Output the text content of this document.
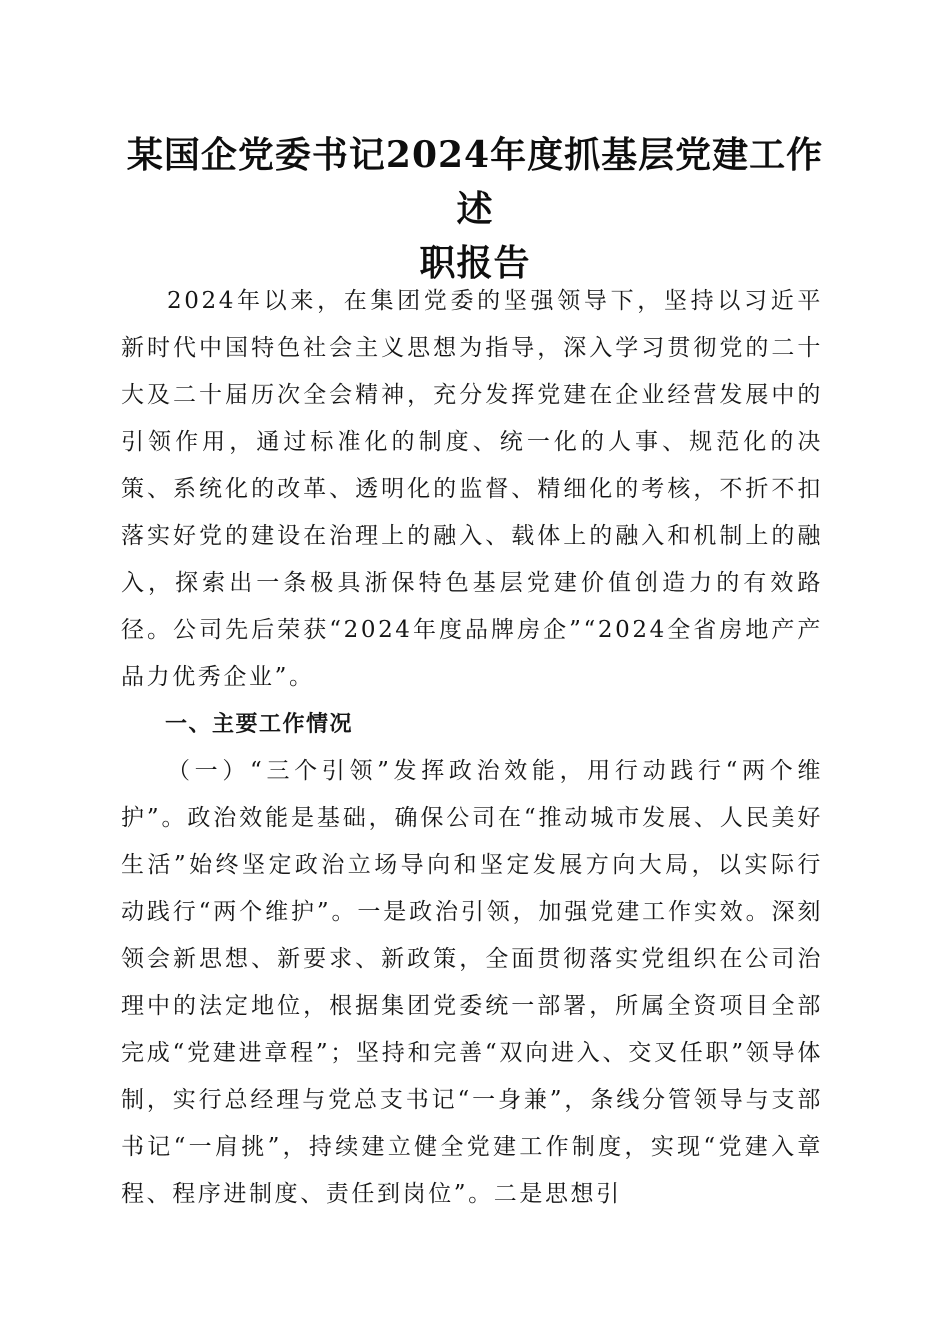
某国企党委书记2024年度抓基层党建工作述
职报告

2024年以来，在集团党委的坚强领导下，坚持以习近平新时代中国特色社会主义思想为指导，深入学习贯彻党的二十大及二十届历次全会精神，充分发挥党建在企业经营发展中的引领作用，通过标准化的制度、统一化的人事、规范化的决策、系统化的改革、透明化的监督、精细化的考核，不折不扣落实好党的建设在治理上的融入、载体上的融入和机制上的融入，探索出一条极具浙保特色基层党建价值创造力的有效路径。公司先后荣获“2024年度品牌房企”“2024全省房地产产品力优秀企业”。

一、主要工作情况

（一）“三个引领”发挥政治效能，用行动践行“两个维护”。政治效能是基础，确保公司在“推动城市发展、人民美好生活”始终坚定政治立场导向和坚定发展方向大局，以实际行动践行“两个维护”。一是政治引领，加强党建工作实效。深刻领会新思想、新要求、新政策，全面贯彻落实党组织在公司治理中的法定地位，根据集团党委统一部署，所属全资项目全部完成“党建进章程”；坚持和完善“双向进入、交叉任职”领导体制，实行总经理与党总支书记“一身兼”，条线分管领导与支部书记“一肩挑”，持续建立健全党建工作制度，实现“党建入章程、程序进制度、责任到岗位”。二是思想引
